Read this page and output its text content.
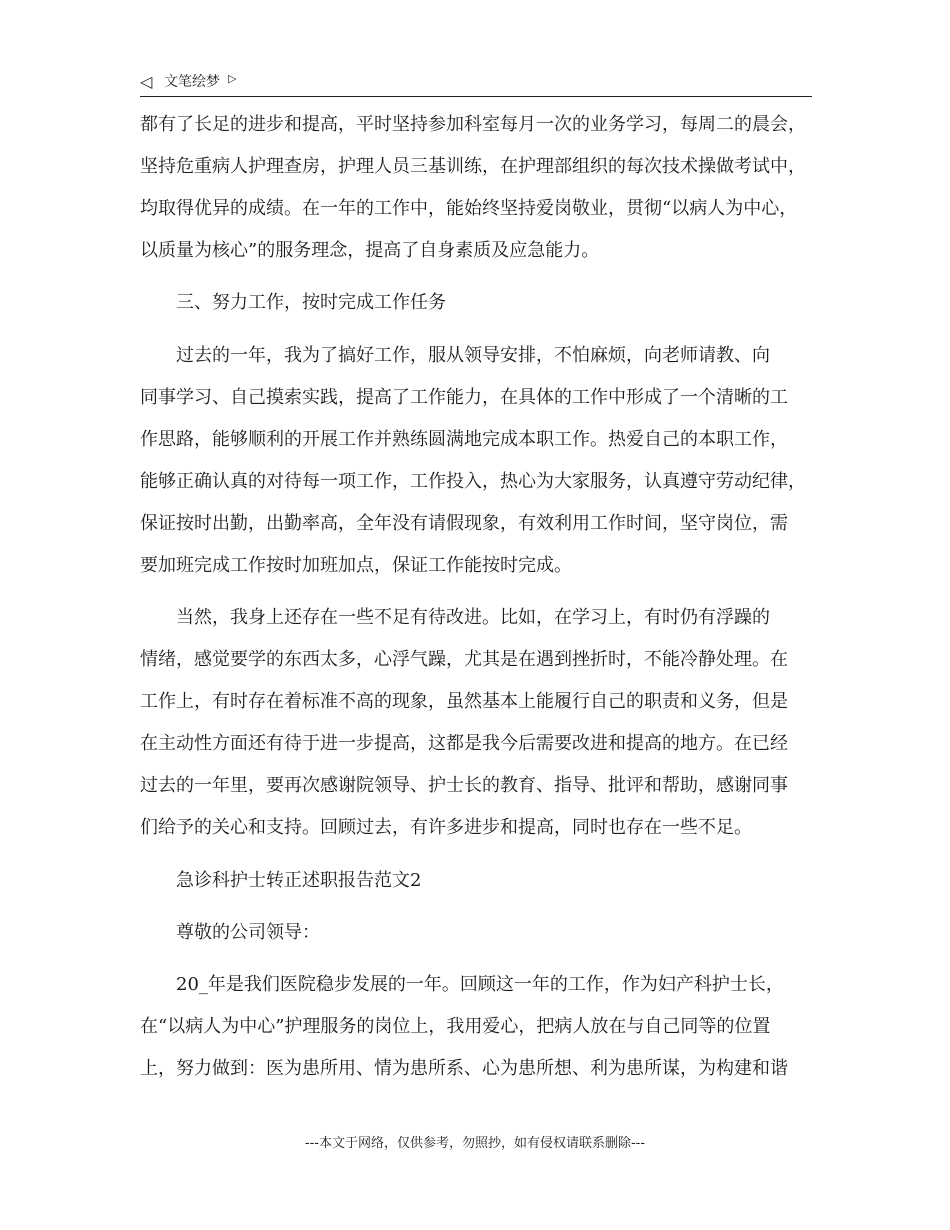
◁ 文笔绘梦 ▷
都有了长足的进步和提高，平时坚持参加科室每月一次的业务学习，每周二的晨会，
坚持危重病人护理查房，护理人员三基训练，在护理部组织的每次技术操做考试中，
均取得优异的成绩。在一年的工作中，能始终坚持爱岗敬业，贯彻“以病人为中心，
以质量为核心”的服务理念，提高了自身素质及应急能力。
三、努力工作，按时完成工作任务
过去的一年，我为了搞好工作，服从领导安排，不怕麻烦，向老师请教、向
同事学习、自己摸索实践，提高了工作能力，在具体的工作中形成了一个清晰的工
作思路，能够顺利的开展工作并熟练圆满地完成本职工作。热爱自己的本职工作，
能够正确认真的对待每一项工作，工作投入，热心为大家服务，认真遵守劳动纪律，
保证按时出勤，出勤率高，全年没有请假现象，有效利用工作时间，坚守岗位，需
要加班完成工作按时加班加点，保证工作能按时完成。
当然，我身上还存在一些不足有待改进。比如，在学习上，有时仍有浮躁的
情绪，感觉要学的东西太多，心浮气躁，尤其是在遇到挫折时，不能冷静处理。在
工作上，有时存在着标准不高的现象，虽然基本上能履行自己的职责和义务，但是
在主动性方面还有待于进一步提高，这都是我今后需要改进和提高的地方。在已经
过去的一年里，要再次感谢院领导、护士长的教育、指导、批评和帮助，感谢同事
们给予的关心和支持。回顾过去，有许多进步和提高，同时也存在一些不足。
急诊科护士转正述职报告范文2
尊敬的公司领导：
20_年是我们医院稳步发展的一年。回顾这一年的工作，作为妇产科护士长，
在“以病人为中心”护理服务的岗位上，我用爱心，把病人放在与自己同等的位置
上，努力做到：医为患所用、情为患所系、心为患所想、利为患所谋，为构建和谐
---本文于网络，仅供参考，勿照抄，如有侵权请联系删除---
